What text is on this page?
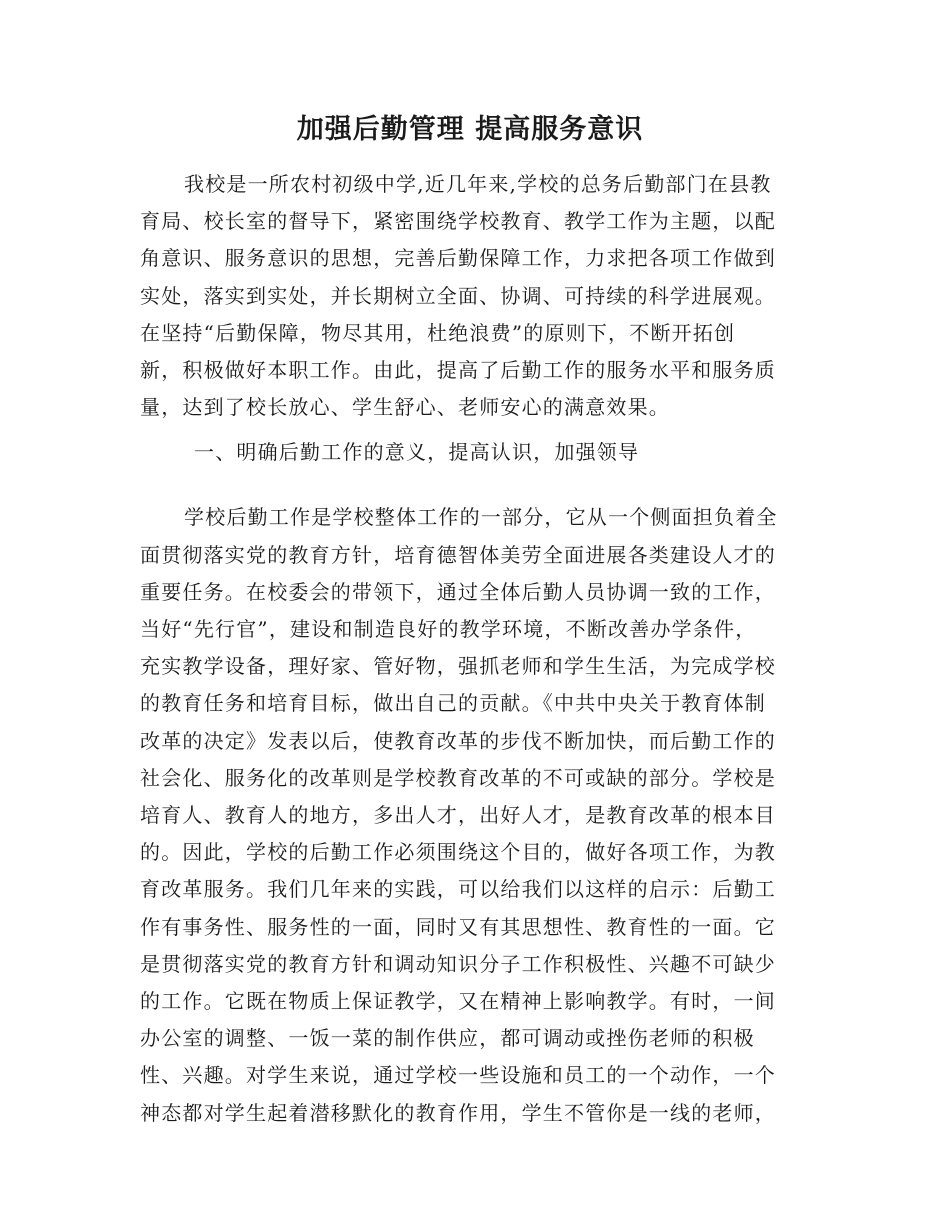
加强后勤管理 提高服务意识

我校是一所农村初级中学,近几年来,学校的总务后勤部门在县教
育局、校长室的督导下，紧密围绕学校教育、教学工作为主题，以配
角意识、服务意识的思想，完善后勤保障工作，力求把各项工作做到
实处，落实到实处，并长期树立全面、协调、可持续的科学进展观。
在坚持“后勤保障，物尽其用，杜绝浪费”的原则下，不断开拓创
新，积极做好本职工作。由此，提高了后勤工作的服务水平和服务质
量，达到了校长放心、学生舒心、老师安心的满意效果。

一、明确后勤工作的意义，提高认识，加强领导

学校后勤工作是学校整体工作的一部分，它从一个侧面担负着全
面贯彻落实党的教育方针，培育德智体美劳全面进展各类建设人才的
重要任务。在校委会的带领下，通过全体后勤人员协调一致的工作，
当好“先行官”，建设和制造良好的教学环境，不断改善办学条件，
充实教学设备，理好家、管好物，强抓老师和学生生活，为完成学校
的教育任务和培育目标，做出自己的贡献。《中共中央关于教育体制
改革的决定》发表以后，使教育改革的步伐不断加快，而后勤工作的
社会化、服务化的改革则是学校教育改革的不可或缺的部分。学校是
培育人、教育人的地方，多出人才，出好人才，是教育改革的根本目
的。因此，学校的后勤工作必须围绕这个目的，做好各项工作，为教
育改革服务。我们几年来的实践，可以给我们以这样的启示：后勤工
作有事务性、服务性的一面，同时又有其思想性、教育性的一面。它
是贯彻落实党的教育方针和调动知识分子工作积极性、兴趣不可缺少
的工作。它既在物质上保证教学，又在精神上影响教学。有时，一间
办公室的调整、一饭一菜的制作供应，都可调动或挫伤老师的积极
性、兴趣。对学生来说，通过学校一些设施和员工的一个动作，一个
神态都对学生起着潜移默化的教育作用，学生不管你是一线的老师，
